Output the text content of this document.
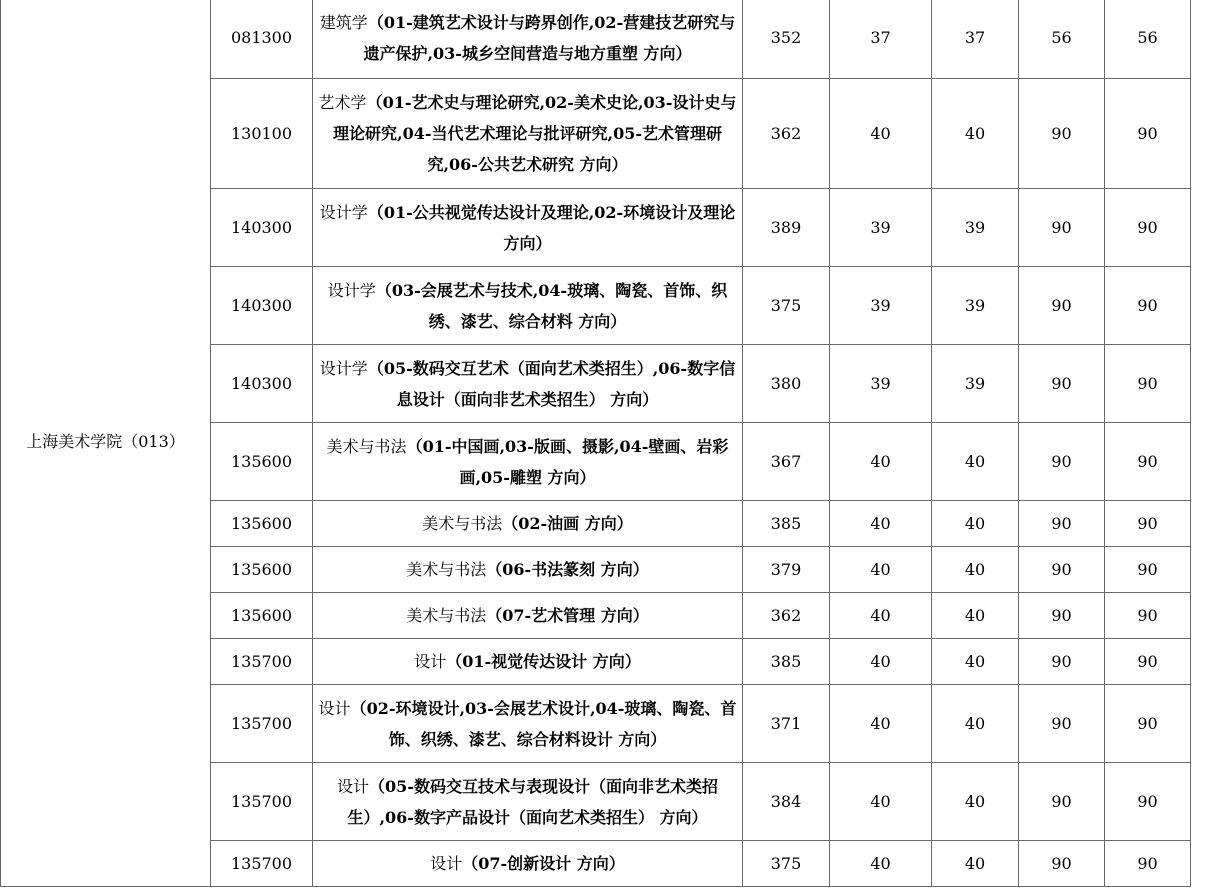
上海美术学院（013）	081300	建筑学（01-建筑艺术设计与跨界创作,02-营建技艺研究与遗产保护,03-城乡空间营造与地方重塑 方向）	352	37	37	56	56
	130100	艺术学（01-艺术史与理论研究,02-美术史论,03-设计史与理论研究,04-当代艺术理论与批评研究,05-艺术管理研究,06-公共艺术研究 方向）	362	40	40	90	90
	140300	设计学（01-公共视觉传达设计及理论,02-环境设计及理论 方向）	389	39	39	90	90
	140300	设计学（03-会展艺术与技术,04-玻璃、陶瓷、首饰、织绣、漆艺、综合材料 方向）	375	39	39	90	90
	140300	设计学（05-数码交互艺术（面向艺术类招生）,06-数字信息设计（面向非艺术类招生） 方向）	380	39	39	90	90
	135600	美术与书法（01-中国画,03-版画、摄影,04-壁画、岩彩画,05-雕塑 方向）	367	40	40	90	90
	135600	美术与书法（02-油画 方向）	385	40	40	90	90
	135600	美术与书法（06-书法篆刻 方向）	379	40	40	90	90
	135600	美术与书法（07-艺术管理 方向）	362	40	40	90	90
	135700	设计（01-视觉传达设计 方向）	385	40	40	90	90
	135700	设计（02-环境设计,03-会展艺术设计,04-玻璃、陶瓷、首饰、织绣、漆艺、综合材料设计 方向）	371	40	40	90	90
	135700	设计（05-数码交互技术与表现设计（面向非艺术类招生）,06-数字产品设计（面向艺术类招生） 方向）	384	40	40	90	90
	135700	设计（07-创新设计 方向）	375	40	40	90	90
